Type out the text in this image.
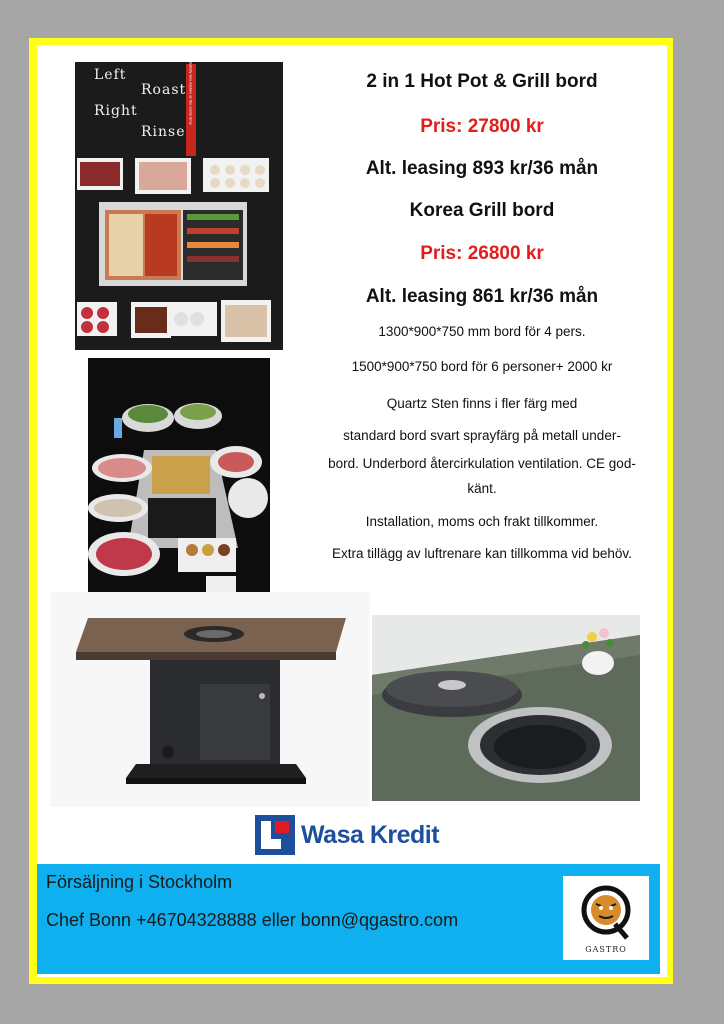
Left
Roast
Right
Rinse
Satisfy two wishes at the same time	2 in 1 Hot Pot & Grill bord
Pris: 27800 kr
Alt. leasing 893 kr/36 mån
Korea Grill bord
Pris: 26800 kr
Alt. leasing 861 kr/36 mån
1300*900*750 mm bord för 4 pers.
1500*900*750 bord för 6 personer+ 2000 kr
Quartz Sten finns i fler färg med
standard bord svart sprayfärg på metall under-
bord. Underbord återcirkulation ventilation. CE god-
känt.
Installation, moms och frakt tillkommer.
Extra tillägg av luftrenare kan tillkomma vid behöv.
Wasa Kredit
Försäljning i Stockholm
Chef Bonn +46704328888 eller bonn@qgastro.com
GASTRO
